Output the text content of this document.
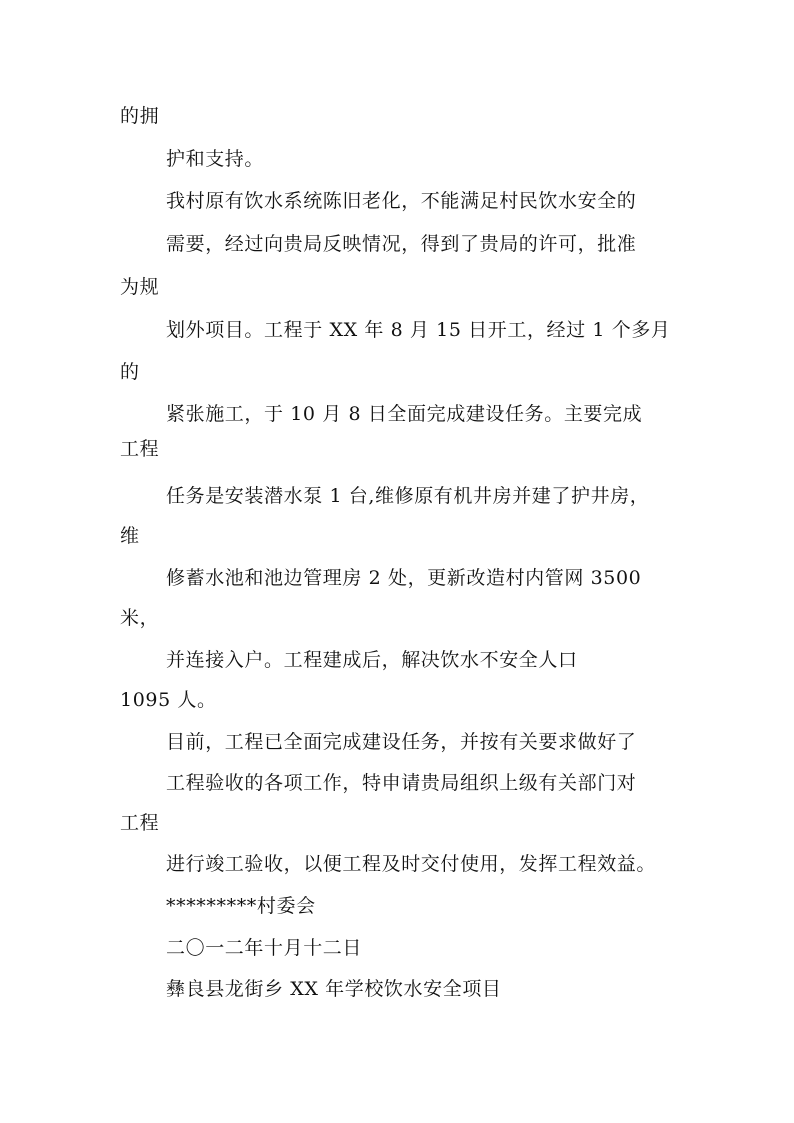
的拥
护和支持。
我村原有饮水系统陈旧老化，不能满足村民饮水安全的
需要，经过向贵局反映情况，得到了贵局的许可，批准
为规
划外项目。工程于 XX 年 8 月 15 日开工，经过 1 个多月
的
紧张施工，于 10 月 8 日全面完成建设任务。主要完成
工程
任务是安装潜水泵 1 台,维修原有机井房并建了护井房，
维
修蓄水池和池边管理房 2 处，更新改造村内管网 3500
米，
并连接入户。工程建成后，解决饮水不安全人口
1095 人。
目前，工程已全面完成建设任务，并按有关要求做好了
工程验收的各项工作，特申请贵局组织上级有关部门对
工程
进行竣工验收，以便工程及时交付使用，发挥工程效益。
*********村委会
二〇一二年十月十二日
彝良县龙街乡 XX 年学校饮水安全项目
